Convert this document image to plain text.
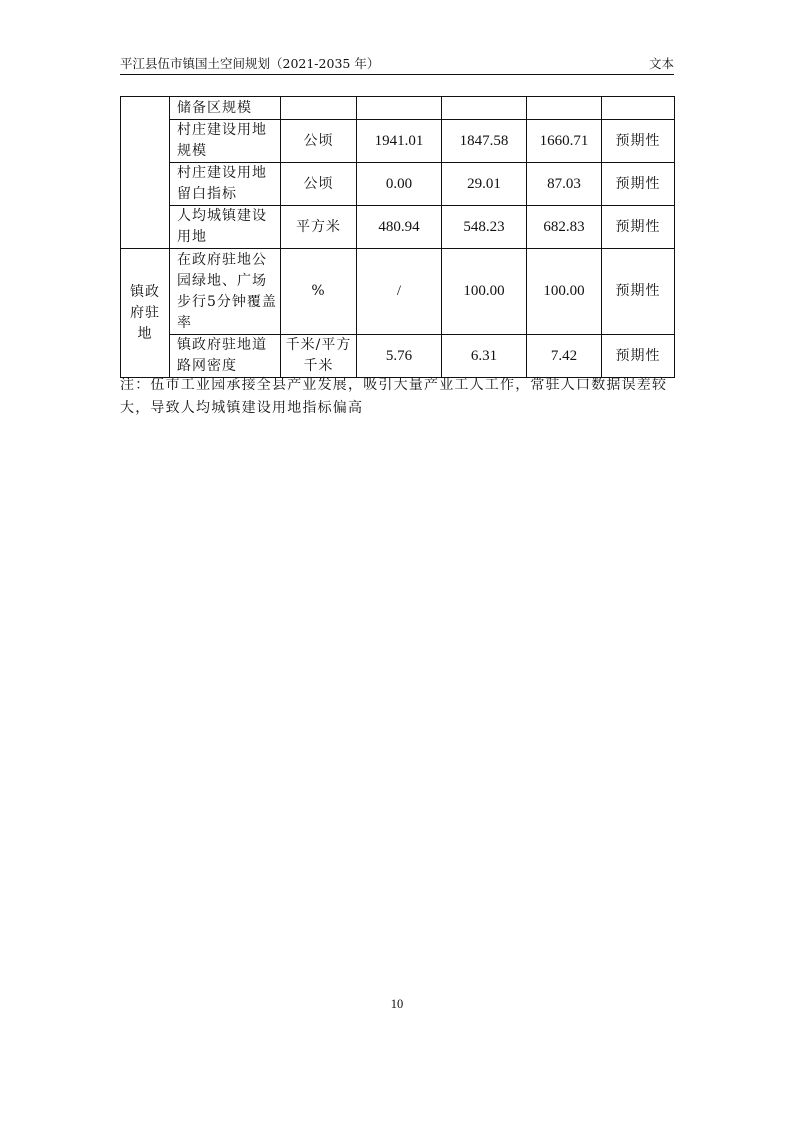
平江县伍市镇国土空间规划（2021-2035 年）	文本
	储备区规模					
	村庄建设用地规模	公顷	1941.01	1847.58	1660.71	预期性
	村庄建设用地留白指标	公顷	0.00	29.01	87.03	预期性
	人均城镇建设用地	平方米	480.94	548.23	682.83	预期性
镇政府驻地	在政府驻地公园绿地、广场步行5分钟覆盖率	%	/	100.00	100.00	预期性
	镇政府驻地道路网密度	千米/平方千米	5.76	6.31	7.42	预期性
注：伍市工业园承接全县产业发展，吸引大量产业工人工作，常驻人口数据误差较大，导致人均城镇建设用地指标偏高
10
